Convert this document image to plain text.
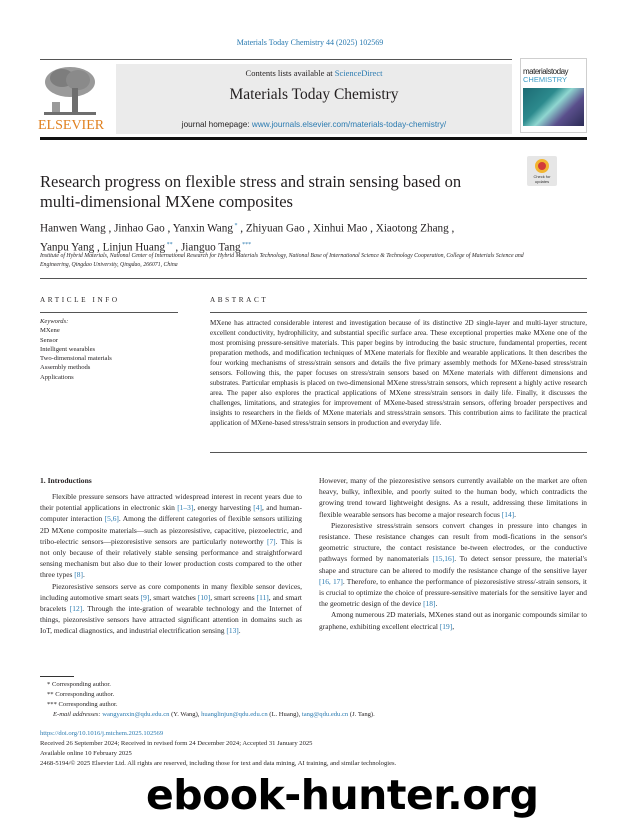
Materials Today Chemistry 44 (2025) 102569
ELSEVIER
Contents lists available at ScienceDirect
Materials Today Chemistry
journal homepage: www.journals.elsevier.com/materials-today-chemistry/
materialstoday
CHEMISTRY
Check for updates
Research progress on flexible stress and strain sensing based on multi-dimensional MXene composites
Hanwen Wang , Jinhao Gao , Yanxin Wang * , Zhiyuan Gao , Xinhui Mao , Xiaotong Zhang ,
Yanpu Yang , Linjun Huang ** , Jianguo Tang ***
Institute of Hybrid Materials, National Center of International Research for Hybrid Materials Technology, National Base of International Science & Technology Cooperation, College of Materials Science and Engineering, Qingdao University, Qingdao, 266071, China
ARTICLE INFO
Keywords:
MXene
Sensor
Intelligent wearables
Two-dimensional materials
Assembly methods
Applications
ABSTRACT
MXene has attracted considerable interest and investigation because of its distinctive 2D single-layer and multi-layer structure, excellent conductivity, hydrophilicity, and substantial specific surface area. These exceptional properties make MXene one of the most promising pressure-sensitive materials. This paper begins by introducing the basic structure, fundamental properties, recent preparation methods, and modification techniques of MXene materials for flexible and wearable applications. It then describes the four working mechanisms of stress/strain sensors and details the five primary assembly methods for MXene-based stress/strain sensors. Following this, the paper focuses on stress/strain sensors based on MXene materials with different dimensions and substrates. Particular emphasis is placed on two-dimensional MXene stress/strain sensors, which represent a highly active research area. The paper also explores the practical applications of MXene stress/strain sensors in daily life. Finally, it discusses the challenges, limitations, and strategies for improvement of MXene-based stress/strain sensors, offering broader perspectives and insights to researchers in the fields of MXene materials and stress/strain sensors. This contribution aims to facilitate the practical application of MXene-based stress/strain sensors in production and everyday life.
1. Introductions

Flexible pressure sensors have attracted widespread interest in recent years due to their potential applications in electronic skin [1–3], energy harvesting [4], and human-computer interaction [5,6]. Among the different categories of flexible sensors utilizing 2D MXene composite materials—such as piezoresistive, capacitive, piezoelectric, and tribo-electric sensors—piezoresistive sensors are particularly noteworthy [7]. This is not only because of their relatively stable sensing performance and straightforward sensing mechanism but also due to their lower production costs compared to the other three types [8].

Piezoresistive sensors serve as core components in many flexible sensor devices, including automotive smart seats [9], smart watches [10], smart screens [11], and smart bracelets [12]. Through the inte-gration of wearable technology and the Internet of things, piezoresistive sensors have attracted significant attention in domains such as IoT, medical diagnostics, and industrial electrification sensing [13].

However, many of the piezoresistive sensors currently available on the market are often heavy, bulky, inflexible, and poorly suited to the human body, which contradicts the growing trend toward lightweight designs. As a result, addressing these limitations in flexible wearable sensors has become a major research focus [14].

Piezoresistive stress/strain sensors convert changes in pressure into changes in resistance. These resistance changes can result from modi-fications in the sensor's geometric structure, the contact resistance be-tween electrodes, or the conductive pathways formed by nanomaterials [15,16]. To detect sensor pressure, the material's shape and structure can be altered to modify the resistance change of the sensitive layer [16, 17]. Therefore, to enhance the performance of piezoresistive stress/-strain sensors, it is crucial to optimize the choice of pressure-sensitive materials for the sensitive layer and the geometric design of the device [18].

Among numerous 2D materials, MXenes stand out as inorganic compounds similar to graphene, exhibiting excellent electrical [19],

* Corresponding author.
** Corresponding author.
*** Corresponding author.
E-mail addresses: wangyanxin@qdu.edu.cn (Y. Wang), huanglinjun@qdu.edu.cn (L. Huang), tang@qdu.edu.cn (J. Tang).
https://doi.org/10.1016/j.mtchem.2025.102569
Received 26 September 2024; Received in revised form 24 December 2024; Accepted 31 January 2025
Available online 10 February 2025
2468-5194/© 2025 Elsevier Ltd. All rights are reserved, including those for text and data mining, AI training, and similar technologies.
ebook-hunter.org
